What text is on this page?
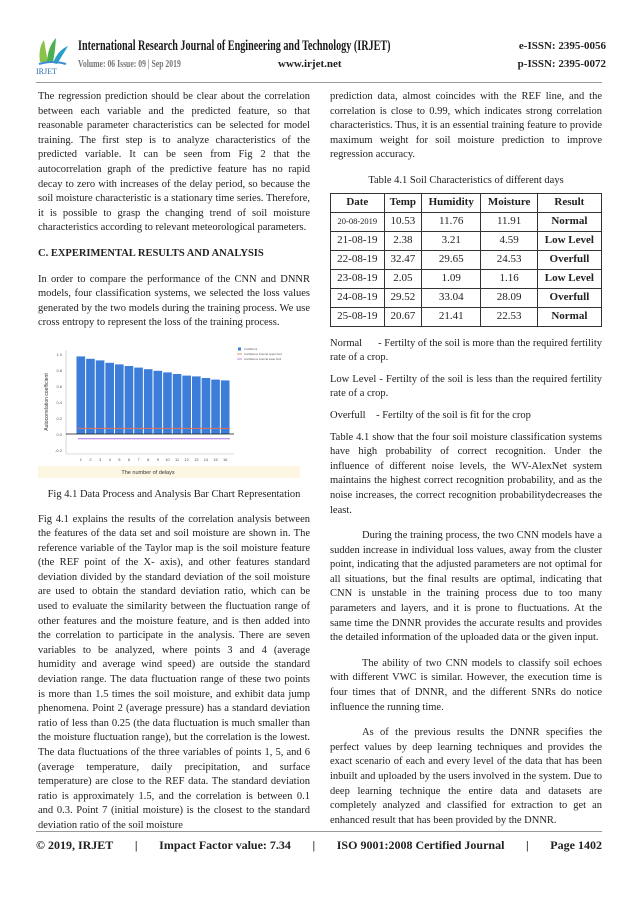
IRJET
International Research Journal of Engineering and Technology (IRJET)	e-ISSN: 2395-0056
Volume: 06 Issue: 09 | Sep 2019	www.irjet.net	p-ISSN: 2395-0072

The regression prediction should be clear about the correlation between each variable and the predicted feature, so that reasonable parameter characteristics can be selected for model training. The first step is to analyze characteristics of the predicted variable. It can be seen from Fig 2 that the autocorrelation graph of the predictive feature has no rapid decay to zero with increases of the delay period, so because the soil moisture characteristic is a stationary time series. Therefore, it is possible to grasp the changing trend of soil moisture characteristics according to relevant meteorological parameters.

C. EXPERIMENTAL RESULTS AND ANALYSIS

In order to compare the performance of the CNN and DNNR models, four classification systems, we selected the loss values generated by the two models during the training process. We use cross entropy to represent the loss of the training process.

1.0
0.8
0.6
0.4
0.2
0.0
-0.2
1 2 3 4 5 6 7 8 9 10 11 12 13 14 15 16
The number of delays
Autocorrelation coefficient
Coefficient
Confidence interval upper limit
Confidence interval lower limit
Fig 4.1 Data Process and Analysis Bar Chart Representation

Fig 4.1 explains the results of the correlation analysis between the features of the data set and soil moisture are shown in. The reference variable of the Taylor map is the soil moisture feature (the REF point of the X- axis), and other features standard deviation divided by the standard deviation of the soil moisture are used to obtain the standard deviation ratio, which can be used to evaluate the similarity between the fluctuation range of other features and the moisture feature, and is then added into the correlation to participate in the analysis. There are seven variables to be analyzed, where points 3 and 4 (average humidity and average wind speed) are outside the standard deviation range. The data fluctuation range of these two points is more than 1.5 times the soil moisture, and exhibit data jump phenomena. Point 2 (average pressure) has a standard deviation ratio of less than 0.25 (the data fluctuation is much smaller than the moisture fluctuation range), but the correlation is the lowest. The data fluctuations of the three variables of points 1, 5, and 6 (average temperature, daily precipitation, and surface temperature) are close to the REF data. The standard deviation ratio is approximately 1.5, and the correlation is between 0.1 and 0.3. Point 7 (initial moisture) is the closest to the standard deviation ratio of the soil moisture

prediction data, almost coincides with the REF line, and the correlation is close to 0.99, which indicates strong correlation characteristics. Thus, it is an essential training feature to provide maximum weight for soil moisture prediction to improve regression accuracy.

Table 4.1 Soil Characteristics of different days
Date	Temp	Humidity	Moisture	Result
20-08-2019	10.53	11.76	11.91	Normal
21-08-19	2.38	3.21	4.59	Low Level
22-08-19	32.47	29.65	24.53	Overfull
23-08-19	2.05	1.09	1.16	Low Level
24-08-19	29.52	33.04	28.09	Overfull
25-08-19	20.67	21.41	22.53	Normal

Normal      - Fertilty of the soil is more than the required fertility rate of a crop.

Low Level - Fertilty of the soil is less than the required fertility rate of a crop.

Overfull    - Fertilty of the soil is fit for the crop

Table 4.1 show that the four soil moisture classification systems have high probability of correct recognition. Under the influence of different noise levels, the WV-AlexNet system maintains the highest correct recognition probability, and as the noise increases, the correct recognition probabilitydecreases the least.

During the training process, the two CNN models have a sudden increase in individual loss values, away from the cluster point, indicating that the adjusted parameters are not optimal for all situations, but the final results are optimal, indicating that CNN is unstable in the training process due to too many parameters and layers, and it is prone to fluctuations. At the same time the DNNR provides the accurate results and provides the detailed information of the uploaded data or the given input.

The ability of two CNN models to classify soil echoes with different VWC is similar. However, the execution time is four times that of DNNR, and the different SNRs do notice influence the running time.

As of the previous results the DNNR specifies the perfect values by deep learning techniques and provides the exact scenario of each and every level of the data that has been inbuilt and uploaded by the users involved in the system. Due to deep learning technique the entire data and datasets are completely analyzed and classified for extraction to get an enhanced result that has been provided by the DNNR.

© 2019, IRJET | Impact Factor value: 7.34 | ISO 9001:2008 Certified Journal | Page 1402
